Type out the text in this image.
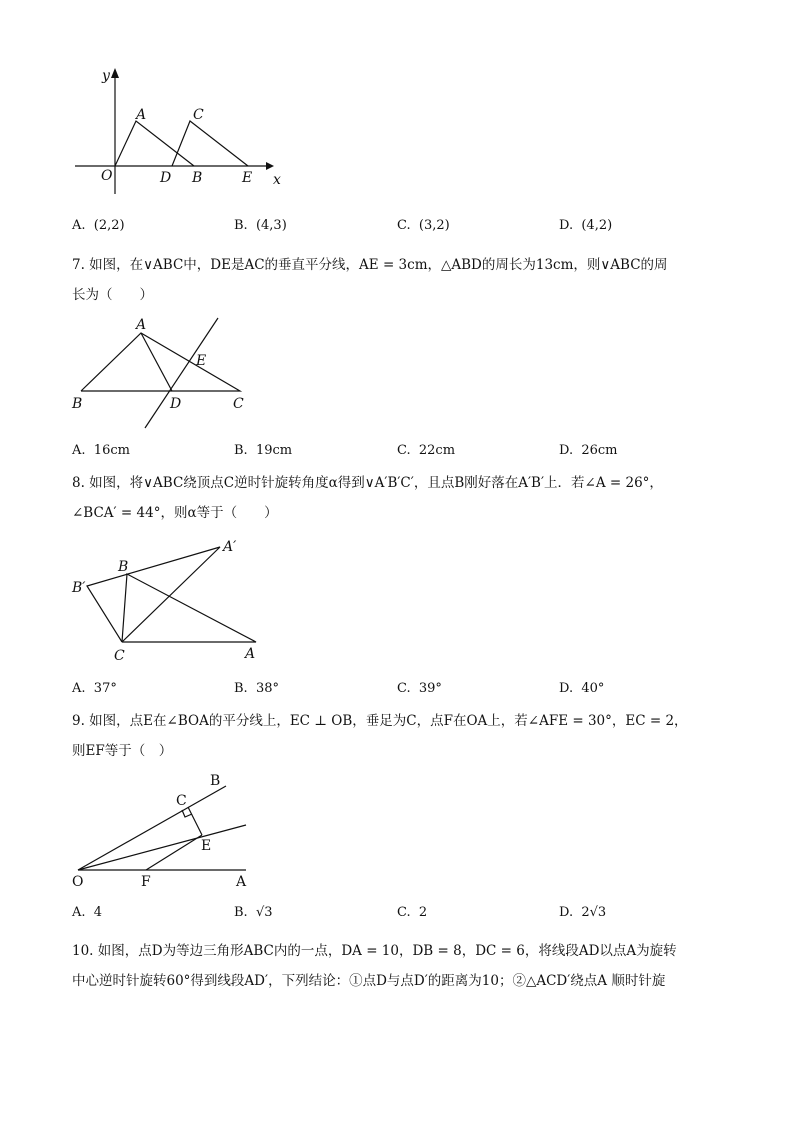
y
x
O
A	C
D B	E
A. (2,2)	B. (4,3)	C. (3,2)	D. (4,2)
7. 如图，在∨ABC中，DE是AC的垂直平分线，AE = 3cm，△ABD的周长为13cm，则∨ABC的周
长为（　　）
A
E
B	D	C
A. 16cm	B. 19cm	C. 22cm	D. 26cm
8. 如图，将∨ABC绕顶点C逆时针旋转角度α得到∨A′B′C′，且点B刚好落在A′B′上．若∠A = 26°，
∠BCA′ = 44°，则α等于（　　）
A′
B
B′
C	A
A. 37°	B. 38°	C. 39°	D. 40°
9. 如图，点E在∠BOA的平分线上，EC ⊥ OB，垂足为C，点F在OA上，若∠AFE = 30°，EC = 2，
则EF等于（　）
B
C
E
O	F	A
A. 4	B. √3	C. 2	D. 2√3
10. 如图，点D为等边三角形ABC内的一点，DA = 10，DB = 8，DC = 6，将线段AD以点A为旋转
中心逆时针旋转60°得到线段AD′，下列结论：①点D与点D′的距离为10；②△ACD′绕点A 顺时针旋
